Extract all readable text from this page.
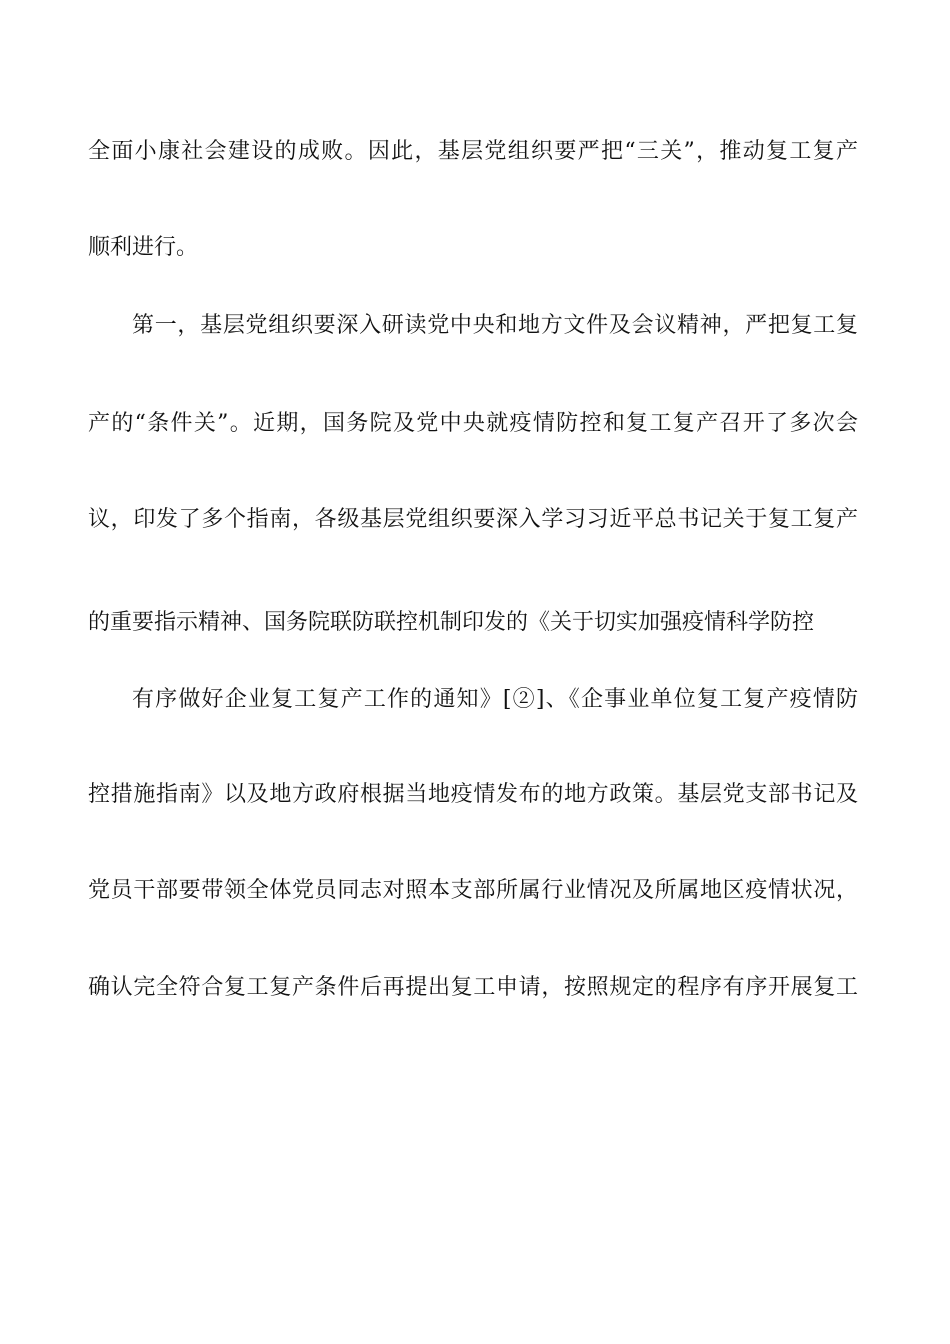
全面小康社会建设的成败。因此，基层党组织要严把“三关”，推动复工复产
顺利进行。
第一，基层党组织要深入研读党中央和地方文件及会议精神，严把复工复
产的“条件关”。近期，国务院及党中央就疫情防控和复工复产召开了多次会
议，印发了多个指南，各级基层党组织要深入学习习近平总书记关于复工复产
的重要指示精神、国务院联防联控机制印发的《关于切实加强疫情科学防控
有序做好企业复工复产工作的通知》[②]、《企事业单位复工复产疫情防
控措施指南》以及地方政府根据当地疫情发布的地方政策。基层党支部书记及
党员干部要带领全体党员同志对照本支部所属行业情况及所属地区疫情状况，
确认完全符合复工复产条件后再提出复工申请，按照规定的程序有序开展复工
